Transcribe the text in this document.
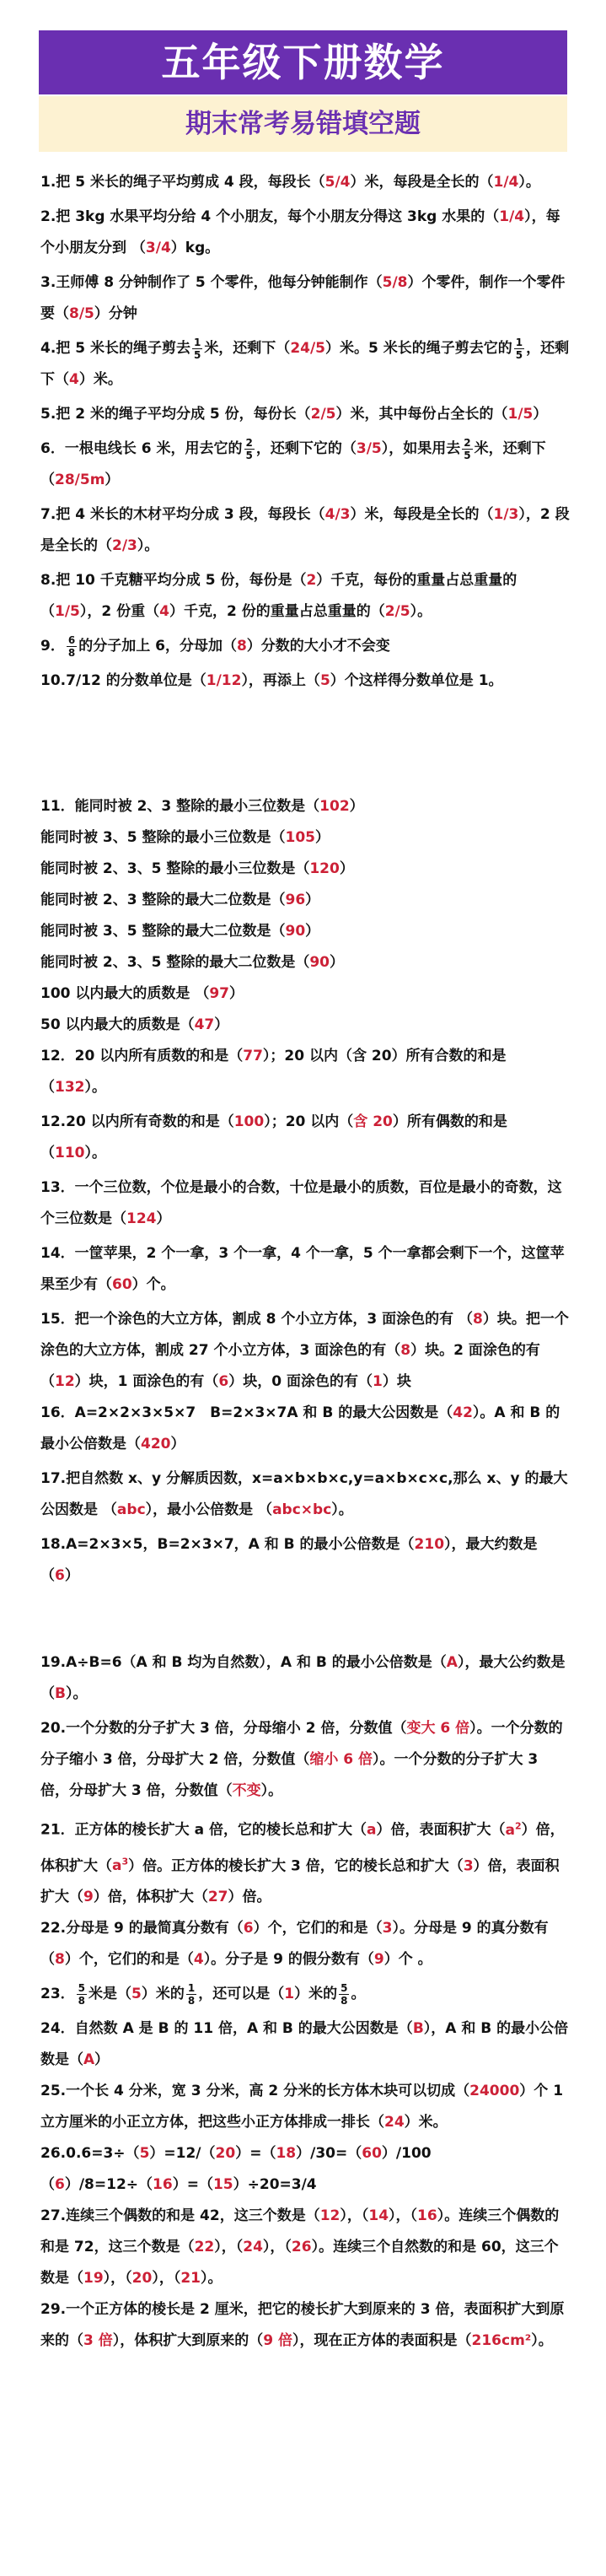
五年级下册数学
期末常考易错填空题

1.把 5 米长的绳子平均剪成 4 段，每段长（5/4）米，每段是全长的（1/4）。

2.把 3kg 水果平均分给 4 个小朋友，每个小朋友分得这 3kg 水果的（1/4），每个小朋友分到 （3/4）kg。

3.王师傅 8 分钟制作了 5 个零件，他每分钟能制作（5/8）个零件，制作一个零件要（8/5）分钟

4.把 5 米长的绳子剪去 $\frac{1}{5}$ 米，还剩下（24/5）米。5 米长的绳子剪去它的 $\frac{1}{5}$ ，还剩下（4）米。

5.把 2 米的绳子平均分成 5 份，每份长（2/5）米，其中每份占全长的（1/5）

6．一根电线长 6 米，用去它的 $\frac{2}{5}$ ，还剩下它的（3/5），如果用去 $\frac{2}{5}$ 米，还剩下（28/5m）

7.把 4 米长的木材平均分成 3 段，每段长（4/3）米，每段是全长的（1/3），2 段是全长的（2/3）。

8.把 10 千克糖平均分成 5 份，每份是（2）千克，每份的重量占总重量的（1/5），2 份重（4）千克，2 份的重量占总重量的（2/5）。

9． $\frac{6}{8}$ 的分子加上 6，分母加（8）分数的大小才不会变

10.7/12 的分数单位是（1/12），再添上（5）个这样得分数单位是 1。

11．能同时被 2、3 整除的最小三位数是（102）

能同时被 3、5 整除的最小三位数是（105）

能同时被 2、3、5 整除的最小三位数是（120）

能同时被 2、3 整除的最大二位数是（96）

能同时被 3、5 整除的最大二位数是（90）

能同时被 2、3、5 整除的最大二位数是（90）

100 以内最大的质数是 （97）

50 以内最大的质数是（47）

12．20 以内所有质数的和是（77）；20 以内（含 20）所有合数的和是（132）。

12.20 以内所有奇数的和是（100）；20 以内（含 20）所有偶数的和是（110）。

13．一个三位数，个位是最小的合数，十位是最小的质数，百位是最小的奇数，这个三位数是（124）

14．一筐苹果，2 个一拿，3 个一拿，4 个一拿，5 个一拿都会剩下一个，这筐苹果至少有（60）个。

15．把一个涂色的大立方体，割成 8 个小立方体，3 面涂色的有 （8）块。把一个涂色的大立方体，割成 27 个小立方体，3 面涂色的有（8）块。2 面涂色的有（12）块，1 面涂色的有（6）块，0 面涂色的有（1）块

16．A=2×2×3×5×7　B=2×3×7A 和 B 的最大公因数是（42）。A 和 B 的最小公倍数是（420）

17.把自然数 x、y 分解质因数，x=a×b×b×c,y=a×b×c×c,那么 x、y 的最大公因数是 （abc），最小公倍数是 （abc×bc）。

18.A=2×3×5，B=2×3×7，A 和 B 的最小公倍数是（210），最大约数是 （6）

19.A÷B=6（A 和 B 均为自然数），A 和 B 的最小公倍数是（A），最大公约数是（B）。

20.一个分数的分子扩大 3 倍，分母缩小 2 倍，分数值（变大 6 倍）。一个分数的分子缩小 3 倍，分母扩大 2 倍，分数值（缩小 6 倍）。一个分数的分子扩大 3 倍，分母扩大 3 倍，分数值（不变）。

21．正方体的棱长扩大 a 倍，它的棱长总和扩大（a）倍，表面积扩大$(a^2)$倍，体积扩大$(a^3)$倍。正方体的棱长扩大 3 倍，它的棱长总和扩大（3）倍，表面积扩大（9）倍，体积扩大（27）倍。

22.分母是 9 的最简真分数有（6）个，它们的和是（3）。分母是 9 的真分数有（8）个，它们的和是（4）。分子是 9 的假分数有（9）个 。

23． $\frac{5}{8}$ 米是（5）米的 $\frac{1}{8}$ ，还可以是（1）米的 $\frac{5}{8}$ 。

24．自然数 A 是 B 的 11 倍，A 和 B 的最大公因数是（B），A 和 B 的最小公倍数是（A）

25.一个长 4 分米，宽 3 分米，高 2 分米的长方体木块可以切成（24000）个 1 立方厘米的小正立方体，把这些小正方体排成一排长（24）米。

26.0.6=3÷（5）=12/（20）=（18）/30=（60）/100

（6）/8=12÷（16）=（15）÷20=3/4

27.连续三个偶数的和是 42，这三个数是（12），（14），（16）。连续三个偶数的和是 72，这三个数是（22），（24），（26）。连续三个自然数的和是 60，这三个数是（19），（20），（21）。

29.一个正方体的棱长是 2 厘米，把它的棱长扩大到原来的 3 倍，表面积扩大到原来的（3 倍），体积扩大到原来的（9 倍），现在正方体的表面积是（216cm²）。
